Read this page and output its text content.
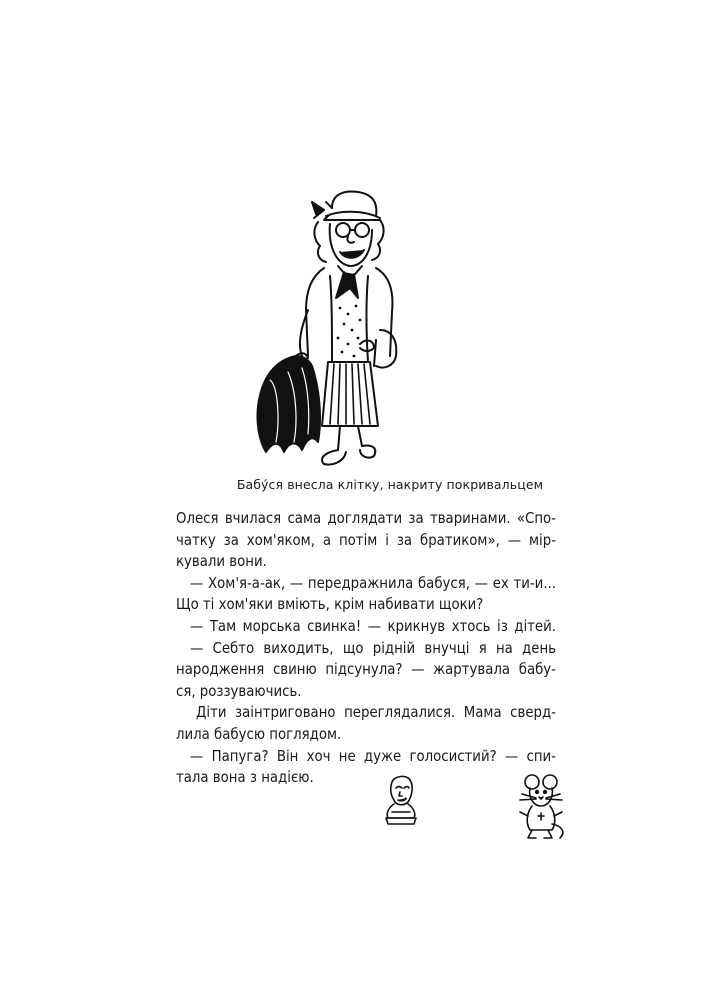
Бабу́ся внесла клітку, накриту покривальцем
Олеся вчилася сама доглядати за тваринами. «Спо-
чатку за хом'яком, а потім і за братиком», — мір-
кували вони.
— Хом'я-а-ак, — передражнила бабуся, — ех ти-и...
Що ті хом'яки вміють, крім набивати щоки?
— Там морська свинка! — крикнув хтось із дітей.
— Себто виходить, що рідній внучці я на день
народження свиню підсунула? — жартувала бабу-
ся, роззуваючись.
Діти заінтриговано переглядалися. Мама сверд-
лила бабусю поглядом.
— Папуга? Він хоч не дуже голосистий? — спи-
тала вона з надією.
